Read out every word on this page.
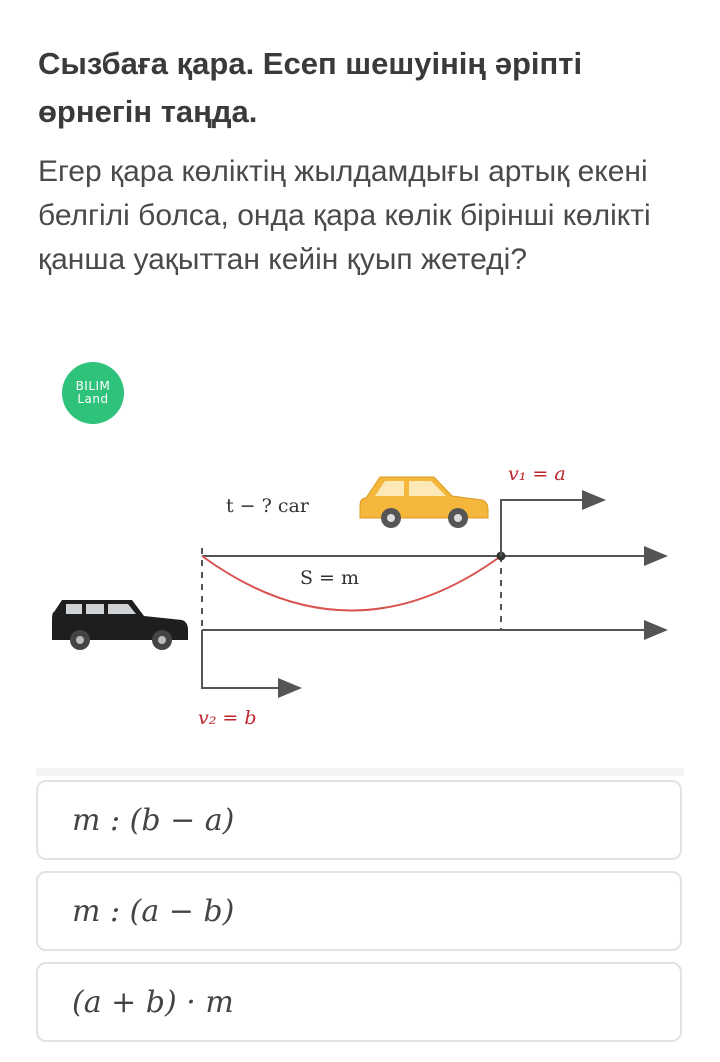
Сызбаға қара. Есеп шешуінің әріпті өрнегін таңда.

Егер қара көліктің жылдамдығы артық екені белгілі болса, онда қара көлік бірінші көлікті қанша уақыттан кейін қуып жетеді?

BILIM
Land
t − ? car
S = m
v₁ = a
v₂ = b
m : (b − a)
m : (a − b)
(a + b) · m
